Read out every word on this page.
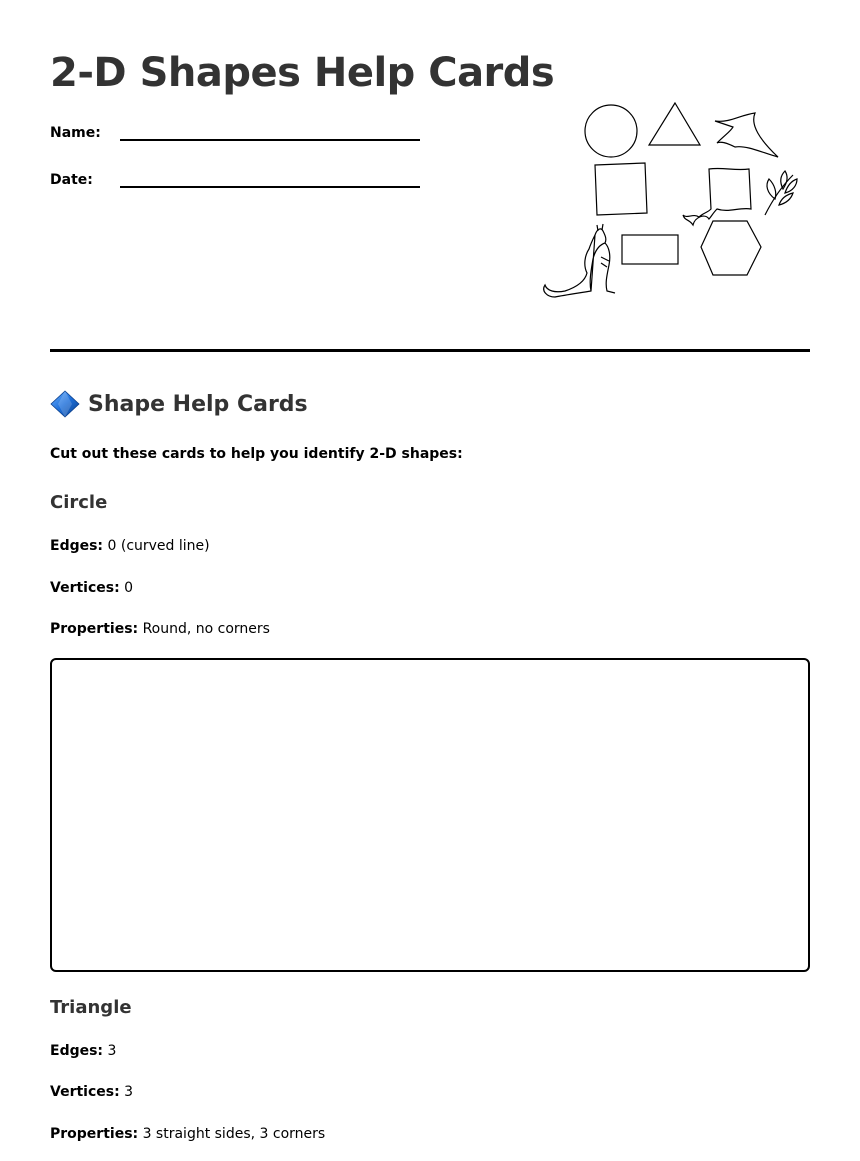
2-D Shapes Help Cards
Name:
Date:
Shape Help Cards

Cut out these cards to help you identify 2-D shapes:

Circle

Edges: 0 (curved line)

Vertices: 0

Properties: Round, no corners

Triangle

Edges: 3

Vertices: 3

Properties: 3 straight sides, 3 corners
